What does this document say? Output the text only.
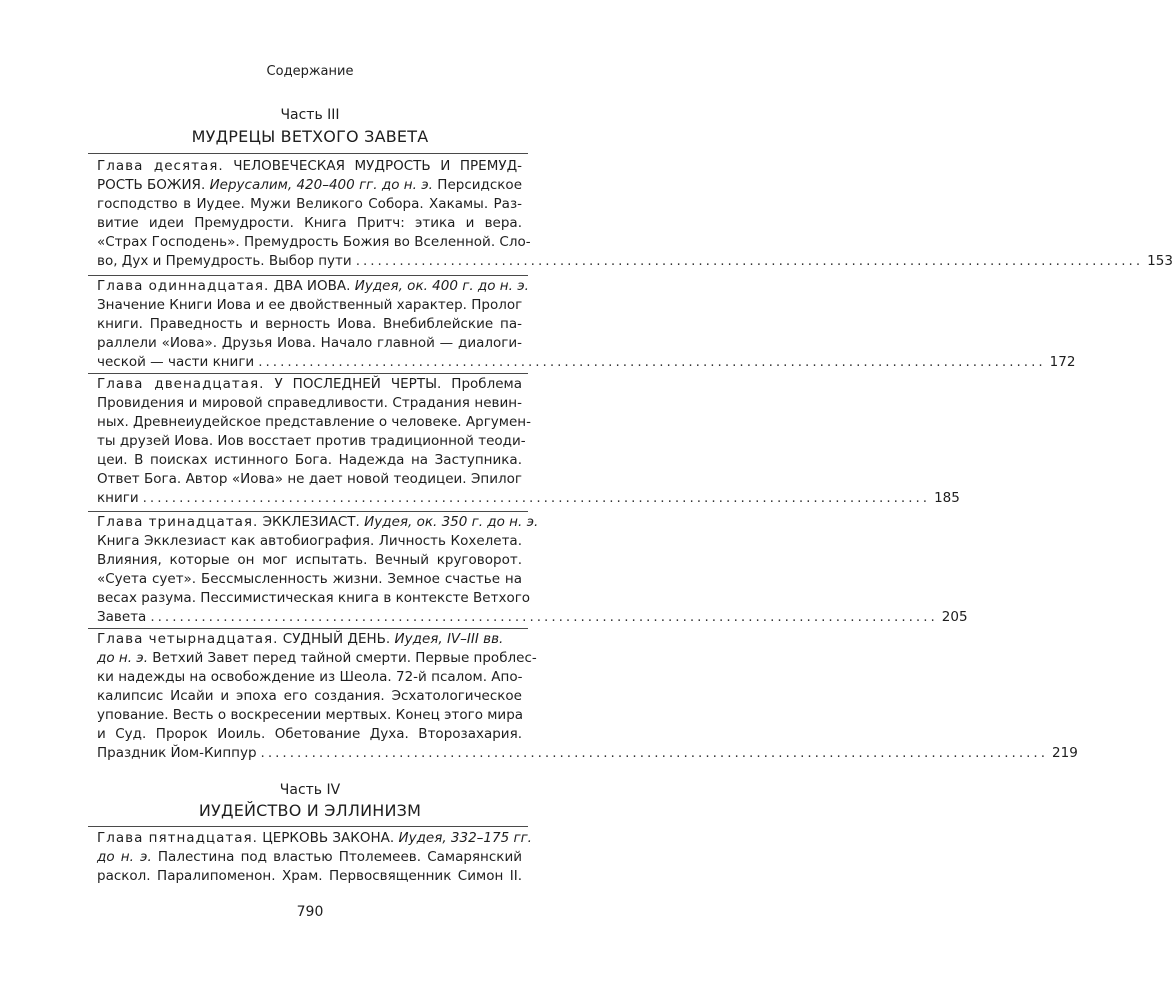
Содержание
Часть III
МУДРЕЦЫ ВЕТХОГО ЗАВЕТА
Глава десятая. ЧЕЛОВЕЧЕСКАЯ МУДРОСТЬ И ПРЕМУД-
РОСТЬ БОЖИЯ. Иерусалим, 420–400 гг. до н. э. Персидское
господство в Иудее. Мужи Великого Собора. Хакамы. Раз-
витие идеи Премудрости. Книга Притч: этика и вера.
«Страх Господень». Премудрость Божия во Вселенной. Сло-
во, Дух и Премудрость. Выбор пути ............................................................................................................ 153
Глава одиннадцатая. ДВА ИОВА. Иудея, ок. 400 г. до н. э.
Значение Книги Иова и ее двойственный характер. Пролог
книги. Праведность и верность Иова. Внебиблейские па-
раллели «Иова». Друзья Иова. Начало главной — диалоги-
ческой — части книги ............................................................................................................ 172
Глава двенадцатая. У ПОСЛЕДНЕЙ ЧЕРТЫ. Проблема
Провидения и мировой справедливости. Страдания невин-
ных. Древнеиудейское представление о человеке. Аргумен-
ты друзей Иова. Иов восстает против традиционной теоди-
цеи. В поисках истинного Бога. Надежда на Заступника.
Ответ Бога. Автор «Иова» не дает новой теодицеи. Эпилог
книги ............................................................................................................ 185
Глава тринадцатая. ЭККЛЕЗИАСТ. Иудея, ок. 350 г. до н. э.
Книга Экклезиаст как автобиография. Личность Кохелета.
Влияния, которые он мог испытать. Вечный круговорот.
«Суета сует». Бессмысленность жизни. Земное счастье на
весах разума. Пессимистическая книга в контексте Ветхого
Завета ............................................................................................................ 205
Глава четырнадцатая. СУДНЫЙ ДЕНЬ. Иудея, IV–III вв.
до н. э. Ветхий Завет перед тайной смерти. Первые проблес-
ки надежды на освобождение из Шеола. 72-й псалом. Апо-
калипсис Исайи и эпоха его создания. Эсхатологическое
упование. Весть о воскресении мертвых. Конец этого мира
и Суд. Пророк Иоиль. Обетование Духа. Второзахария.
Праздник Йом-Киппур ............................................................................................................ 219
Часть IV
ИУДЕЙСТВО И ЭЛЛИНИЗМ
Глава пятнадцатая. ЦЕРКОВЬ ЗАКОНА. Иудея, 332–175 гг.
до н. э. Палестина под властью Птолемеев. Самарянский
раскол. Паралипоменон. Храм. Первосвященник Симон II.
790
